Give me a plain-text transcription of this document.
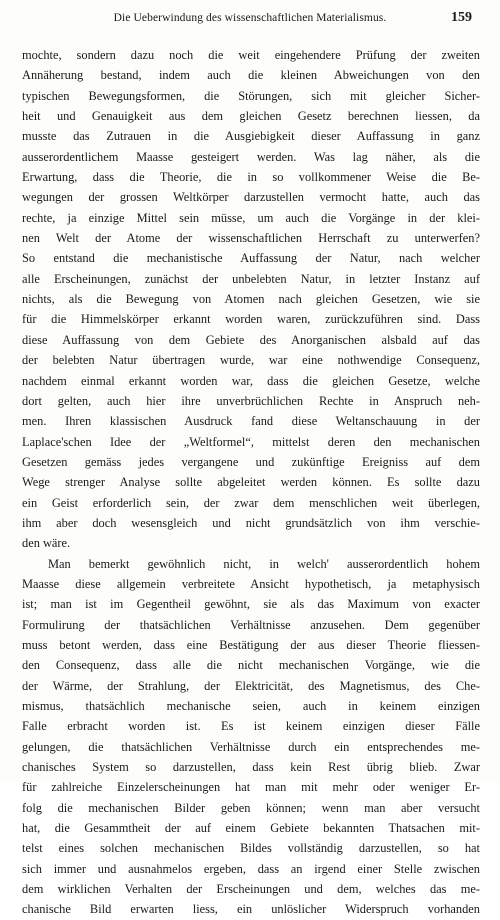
Die Ueberwindung des wissenschaftlichen Materialismus.	159
mochte, sondern dazu noch die weit eingehendere Prüfung der zweiten
Annäherung bestand, indem auch die kleinen Abweichungen von den
typischen Bewegungsformen, die Störungen, sich mit gleicher Sicher-
heit und Genauigkeit aus dem gleichen Gesetz berechnen liessen, da
musste das Zutrauen in die Ausgiebigkeit dieser Auffassung in ganz
ausserordentlichem Maasse gesteigert werden. Was lag näher, als die
Erwartung, dass die Theorie, die in so vollkommener Weise die Be-
wegungen der grossen Weltkörper darzustellen vermocht hatte, auch das
rechte, ja einzige Mittel sein müsse, um auch die Vorgänge in der klei-
nen Welt der Atome der wissenschaftlichen Herrschaft zu unterwerfen?
So entstand die mechanistische Auffassung der Natur, nach welcher
alle Erscheinungen, zunächst der unbelebten Natur, in letzter Instanz auf
nichts, als die Bewegung von Atomen nach gleichen Gesetzen, wie sie
für die Himmelskörper erkannt worden waren, zurückzuführen sind. Dass
diese Auffassung von dem Gebiete des Anorganischen alsbald auf das
der belebten Natur übertragen wurde, war eine nothwendige Consequenz,
nachdem einmal erkannt worden war, dass die gleichen Gesetze, welche
dort gelten, auch hier ihre unverbrüchlichen Rechte in Anspruch neh-
men. Ihren klassischen Ausdruck fand diese Weltanschauung in der
Laplace'schen Idee der „Weltformel“, mittelst deren den mechanischen
Gesetzen gemäss jedes vergangene und zukünftige Ereigniss auf dem
Wege strenger Analyse sollte abgeleitet werden können. Es sollte dazu
ein Geist erforderlich sein, der zwar dem menschlichen weit überlegen,
ihm aber doch wesensgleich und nicht grundsätzlich von ihm verschie-
den wäre.
Man bemerkt gewöhnlich nicht, in welch' ausserordentlich hohem
Maasse diese allgemein verbreitete Ansicht hypothetisch, ja metaphysisch
ist; man ist im Gegentheil gewöhnt, sie als das Maximum von exacter
Formulirung der thatsächlichen Verhältnisse anzusehen. Dem gegenüber
muss betont werden, dass eine Bestätigung der aus dieser Theorie fliessen-
den Consequenz, dass alle die nicht mechanischen Vorgänge, wie die
der Wärme, der Strahlung, der Elektricität, des Magnetismus, des Che-
mismus, thatsächlich mechanische seien, auch in keinem einzigen
Falle erbracht worden ist. Es ist keinem einzigen dieser Fälle
gelungen, die thatsächlichen Verhältnisse durch ein entsprechendes me-
chanisches System so darzustellen, dass kein Rest übrig blieb. Zwar
für zahlreiche Einzelerscheinungen hat man mit mehr oder weniger Er-
folg die mechanischen Bilder geben können; wenn man aber versucht
hat, die Gesammtheit der auf einem Gebiete bekannten Thatsachen mit-
telst eines solchen mechanischen Bildes vollständig darzustellen, so hat
sich immer und ausnahmelos ergeben, dass an irgend einer Stelle zwischen
dem wirklichen Verhalten der Erscheinungen und dem, welches das me-
chanische Bild erwarten liess, ein unlöslicher Widerspruch vorhanden
